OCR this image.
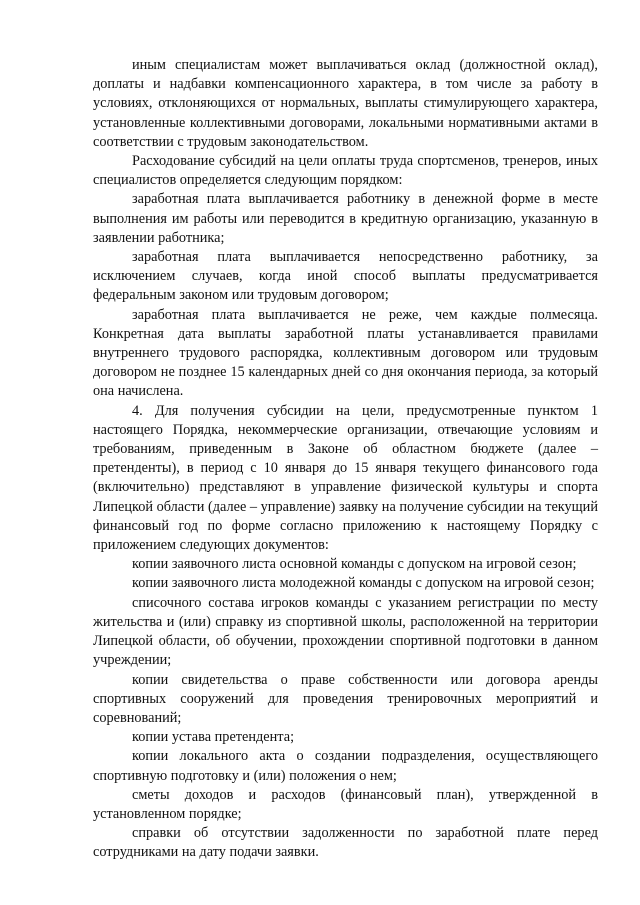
иным специалистам может выплачиваться оклад (должностной оклад), доплаты и надбавки компенсационного характера, в том числе за работу в условиях, отклоняющихся от нормальных, выплаты стимулирующего характера, установленные коллективными договорами, локальными нормативными актами в соответствии с трудовым законодательством.

Расходование субсидий на цели оплаты труда спортсменов, тренеров, иных специалистов определяется следующим порядком:

заработная плата выплачивается работнику в денежной форме в месте выполнения им работы или переводится в кредитную организацию, указанную в заявлении работника;

заработная плата выплачивается непосредственно работнику, за исключением случаев, когда иной способ выплаты предусматривается федеральным законом или трудовым договором;

заработная плата выплачивается не реже, чем каждые полмесяца. Конкретная дата выплаты заработной платы устанавливается правилами внутреннего трудового распорядка, коллективным договором или трудовым договором не позднее 15 календарных дней со дня окончания периода, за который она начислена.

4. Для получения субсидии на цели, предусмотренные пунктом 1 настоящего Порядка, некоммерческие организации, отвечающие условиям и требованиям, приведенным в Законе об областном бюджете (далее – претенденты), в период с 10 января до 15 января текущего финансового года (включительно) представляют в управление физической культуры и спорта Липецкой области (далее – управление) заявку на получение субсидии на текущий финансовый год по форме согласно приложению к настоящему Порядку с приложением следующих документов:

копии заявочного листа основной команды с допуском на игровой сезон;

копии заявочного листа молодежной команды с допуском на игровой сезон;

списочного состава игроков команды с указанием регистрации по месту жительства и (или) справку из спортивной школы, расположенной на территории Липецкой области, об обучении, прохождении спортивной подготовки в данном учреждении;

копии свидетельства о праве собственности или договора аренды спортивных сооружений для проведения тренировочных мероприятий и соревнований;

копии устава претендента;

копии локального акта о создании подразделения, осуществляющего спортивную подготовку и (или) положения о нем;

сметы доходов и расходов (финансовый план), утвержденной в установленном порядке;

справки об отсутствии задолженности по заработной плате перед сотрудниками на дату подачи заявки.
